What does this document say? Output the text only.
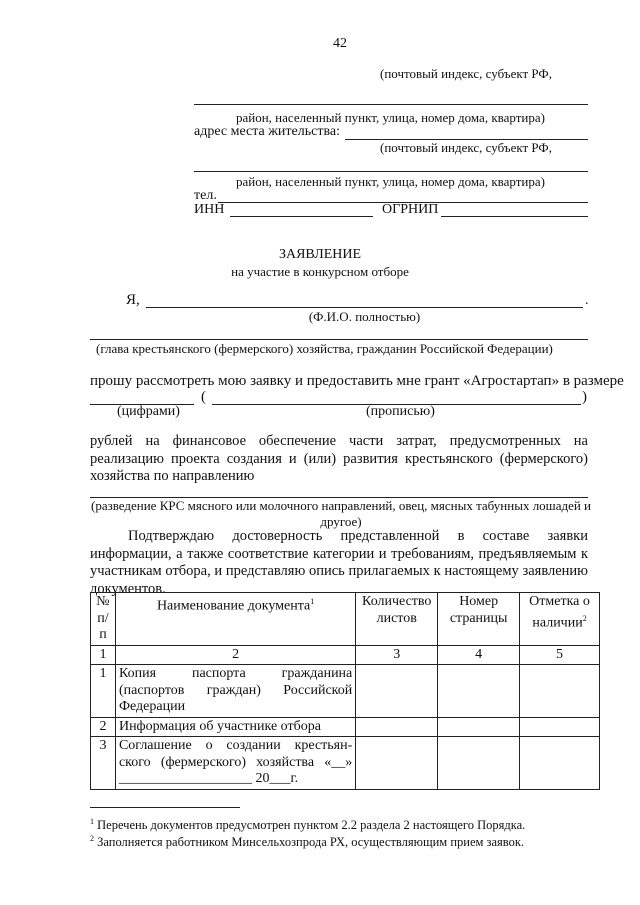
42
(почтовый индекс, субъект РФ,
район, населенный пункт, улица, номер дома, квартира)
адрес места жительства:
(почтовый индекс, субъект РФ,
район, населенный пункт, улица, номер дома, квартира)
тел.
ИНН	ОГРНИП
ЗАЯВЛЕНИЕ
на участие в конкурсном отборе
Я,	.
(Ф.И.О. полностью)
(глава крестьянского (фермерского) хозяйства, гражданин Российской Федерации)
прошу рассмотреть мою заявку и предоставить мне грант «Агростартап» в размере
(	)
(цифрами)	(прописью)
рублей на финансовое обеспечение части затрат, предусмотренных на реализацию проекта создания и (или) развития крестьянского (фермерского) хозяйства по направлению
(разведение КРС мясного или молочного направлений, овец, мясных табунных лошадей и другое)
Подтверждаю достоверность представленной в составе заявки информации, а также соответствие категории и требованиям, предъявляемым к участникам отбора, и представляю опись прилагаемых к настоящему заявлению документов.
№ п/п	Наименование документа$^1$	Количество листов	Номер страницы	Отметка о наличии$^2$
1	2	3	4	5
1	Копия паспорта гражданина (паспортов граждан) Российской Федерации			
2	Информация об участнике отбора			
3	Соглашение о создании крестьян-ского (фермерского) хозяйства «__» ___________________ 20___г.			
$^1$ Перечень документов предусмотрен пунктом 2.2 раздела 2 настоящего Порядка.
$^2$ Заполняется работником Минсельхозпрода РХ, осуществляющим прием заявок.
